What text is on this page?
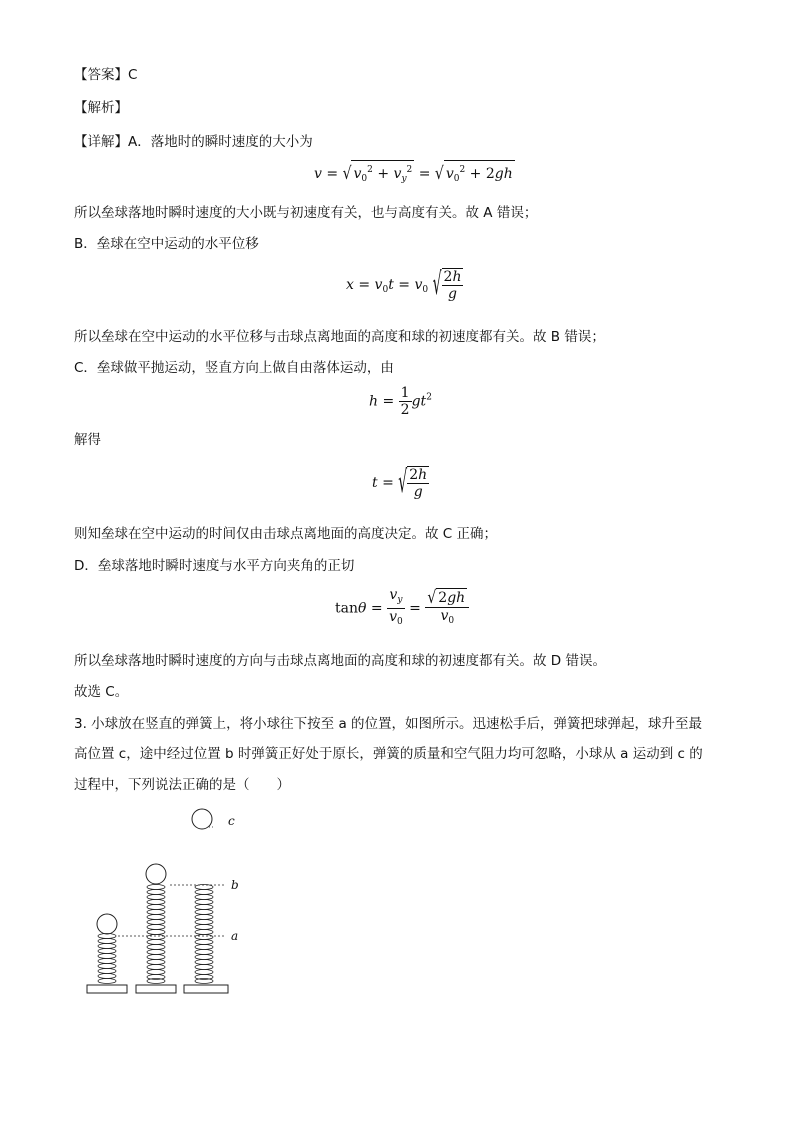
【答案】C
【解析】
【详解】A．落地时的瞬时速度的大小为
v = √ $v_0^2 + v_y^2$ = √ $v_0^2 + 2gh$
所以垒球落地时瞬时速度的大小既与初速度有关，也与高度有关。故 A 错误；
B．垒球在空中运动的水平位移
$x = v_0t = v_0$ √ $\frac{2h}{g}$
所以垒球在空中运动的水平位移与击球点离地面的高度和球的初速度都有关。故 B 错误；
C．垒球做平抛运动，竖直方向上做自由落体运动，由
$h = \frac{1}{2} gt^2$
解得
t = √ $\frac{2h}{g}$
则知垒球在空中运动的时间仅由击球点离地面的高度决定。故 C 正确；
D．垒球落地时瞬时速度与水平方向夹角的正切
$\tan\theta = \frac{v_y}{v_0} = \frac{√ 2gh}{v_0}$
所以垒球落地时瞬时速度的方向与击球点离地面的高度和球的初速度都有关。故 D 错误。
故选 C。
3. 小球放在竖直的弹簧上，将小球往下按至 a 的位置，如图所示。迅速松手后，弹簧把球弹起，球升至最
高位置 c，途中经过位置 b 时弹簧正好处于原长，弹簧的质量和空气阻力均可忽略，小球从 a 运动到 c 的
过程中，下列说法正确的是（　　）
c
b
a
